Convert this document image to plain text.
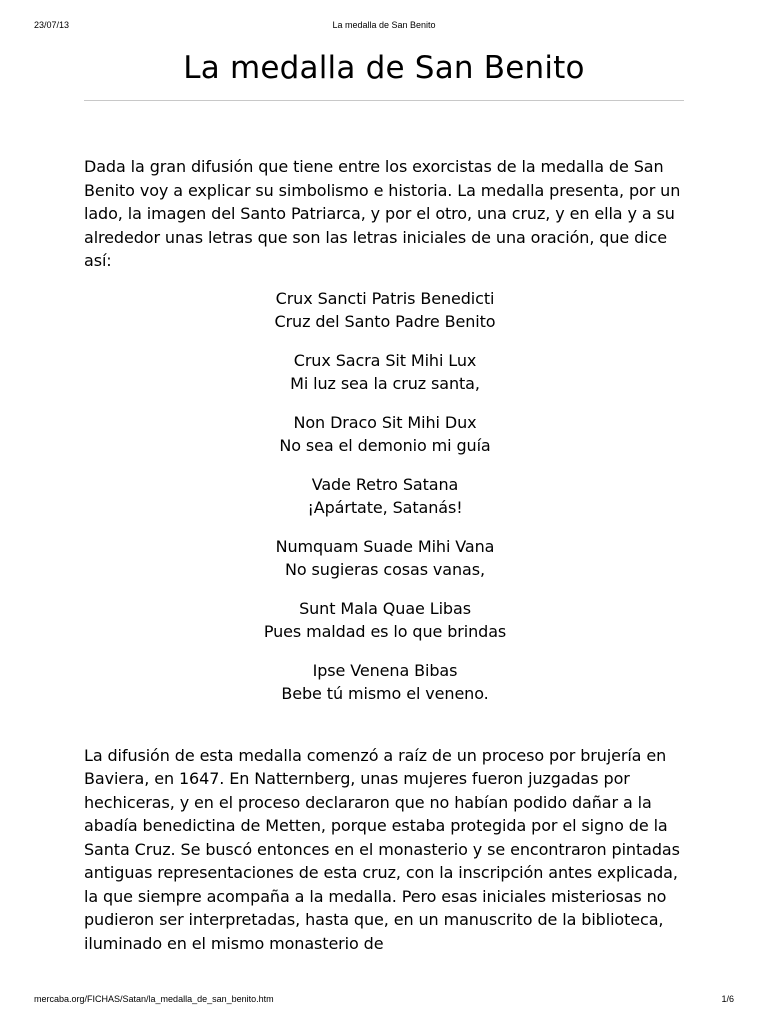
23/07/13	La medalla de San Benito
La medalla de San Benito

Dada la gran difusión que tiene entre los exorcistas de la medalla de San Benito voy a explicar su simbolismo e historia. La medalla presenta, por un lado, la imagen del Santo Patriarca, y por el otro, una cruz, y en ella y a su alrededor unas letras que son las letras iniciales de una oración, que dice así:

Crux Sancti Patris Benedicti
Cruz del Santo Padre Benito
Crux Sacra Sit Mihi Lux
Mi luz sea la cruz santa,
Non Draco Sit Mihi Dux
No sea el demonio mi guía
Vade Retro Satana
¡Apártate, Satanás!
Numquam Suade Mihi Vana
No sugieras cosas vanas,
Sunt Mala Quae Libas
Pues maldad es lo que brindas
Ipse Venena Bibas
Bebe tú mismo el veneno.

La difusión de esta medalla comenzó a raíz de un proceso por brujería en Baviera, en 1647. En Natternberg, unas mujeres fueron juzgadas por hechiceras, y en el proceso declararon que no habían podido dañar a la abadía benedictina de Metten, porque estaba protegida por el signo de la Santa Cruz. Se buscó entonces en el monasterio y se encontraron pintadas antiguas representaciones de esta cruz, con la inscripción antes explicada, la que siempre acompaña a la medalla. Pero esas iniciales misteriosas no pudieron ser interpretadas, hasta que, en un manuscrito de la biblioteca, iluminado en el mismo monasterio de

mercaba.org/FICHAS/Satan/la_medalla_de_san_benito.htm	1/6
